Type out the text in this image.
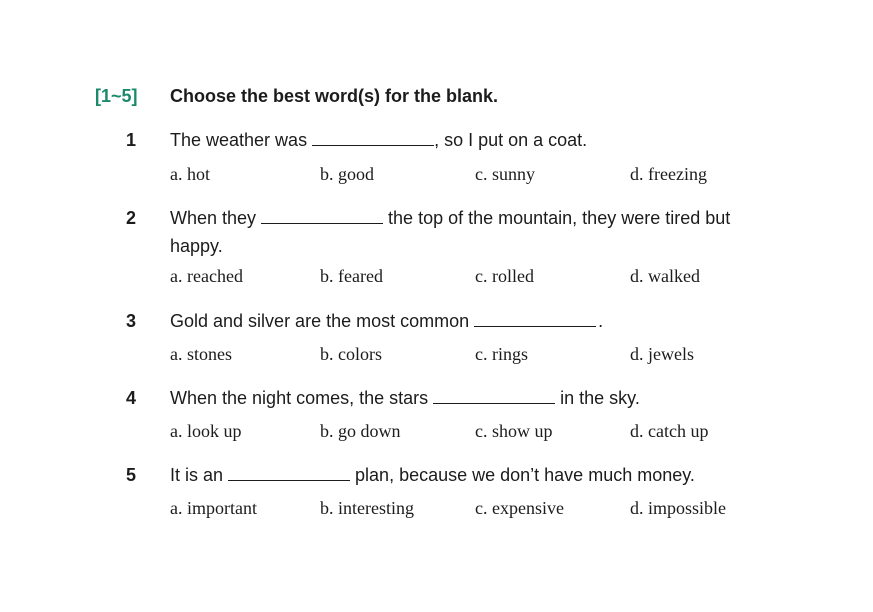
[1~5] Choose the best word(s) for the blank.
1 The weather was	, so I put on a coat.
a. hot	b. good	c. sunny	d. freezing
2 When they	the top of the mountain, they were tired but happy.
a. reached	b. feared	c. rolled	d. walked
3 Gold and silver are the most common	.
a. stones	b. colors	c. rings	d. jewels
4 When the night comes, the stars	in the sky.
a. look up	b. go down	c. show up	d. catch up
5 It is an	plan, because we don’t have much money.
a. important	b. interesting	c. expensive	d. impossible
